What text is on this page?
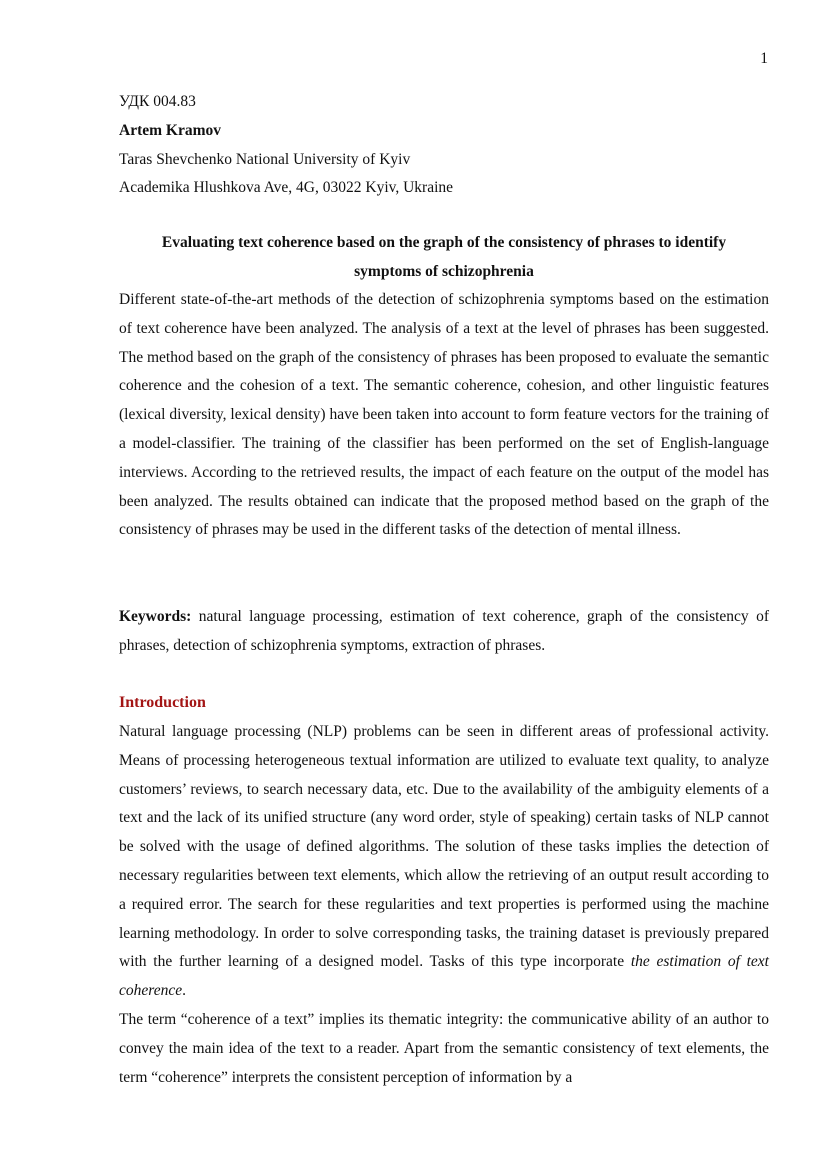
1
УДК 004.83
Artem Kramov
Taras Shevchenko National University of Kyiv
Academika Hlushkova Ave, 4G, 03022 Kyiv, Ukraine
Evaluating text coherence based on the graph of the consistency of phrases to identify
symptoms of schizophrenia

Different state-of-the-art methods of the detection of schizophrenia symptoms based on the estimation of text coherence have been analyzed. The analysis of a text at the level of phrases has been suggested. The method based on the graph of the consistency of phrases has been proposed to evaluate the semantic coherence and the cohesion of a text. The semantic coherence, cohesion, and other linguistic features (lexical diversity, lexical density) have been taken into account to form feature vectors for the training of a model-classifier. The training of the classifier has been performed on the set of English-language interviews. According to the retrieved results, the impact of each feature on the output of the model has been analyzed. The results obtained can indicate that the proposed method based on the graph of the consistency of phrases may be used in the different tasks of the detection of mental illness.

Keywords: natural language processing, estimation of text coherence, graph of the consistency of phrases, detection of schizophrenia symptoms, extraction of phrases.

Introduction

Natural language processing (NLP) problems can be seen in different areas of professional activity. Means of processing heterogeneous textual information are utilized to evaluate text quality, to analyze customers’ reviews, to search necessary data, etc. Due to the availability of the ambiguity elements of a text and the lack of its unified structure (any word order, style of speaking) certain tasks of NLP cannot be solved with the usage of defined algorithms. The solution of these tasks implies the detection of necessary regularities between text elements, which allow the retrieving of an output result according to a required error. The search for these regularities and text properties is performed using the machine learning methodology. In order to solve corresponding tasks, the training dataset is previously prepared with the further learning of a designed model. Tasks of this type incorporate the estimation of text coherence.

The term “coherence of a text” implies its thematic integrity: the communicative ability of an author to convey the main idea of the text to a reader. Apart from the semantic consistency of text elements, the term “coherence” interprets the consistent perception of information by a
